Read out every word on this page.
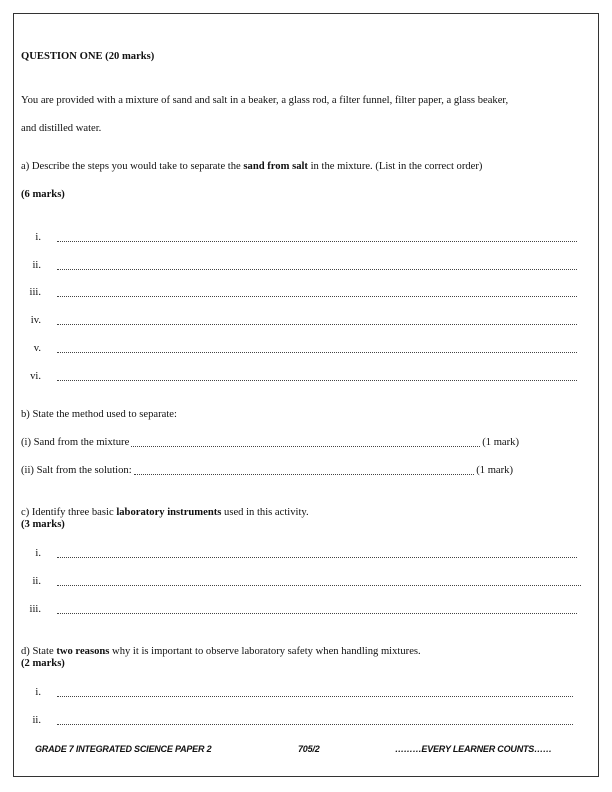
QUESTION ONE (20 marks)
You are provided with a mixture of sand and salt in a beaker, a glass rod, a filter funnel, filter paper, a glass beaker,
and distilled water.
a) Describe the steps you would take to separate the sand from salt in the mixture. (List in the correct order)
(6 marks)
i.
ii.
iii.
iv.
v.
vi.
b) State the method used to separate:
(i) Sand from the mixture	(1 mark)
(ii) Salt from the solution:	(1 mark)
c) Identify three basic laboratory instruments used in this activity.
(3 marks)
i.
ii.
iii.
d) State two reasons why it is important to observe laboratory safety when handling mixtures.
(2 marks)
i.
ii.
GRADE 7 INTEGRATED SCIENCE PAPER 2	705/2	………EVERY LEARNER COUNTS……
